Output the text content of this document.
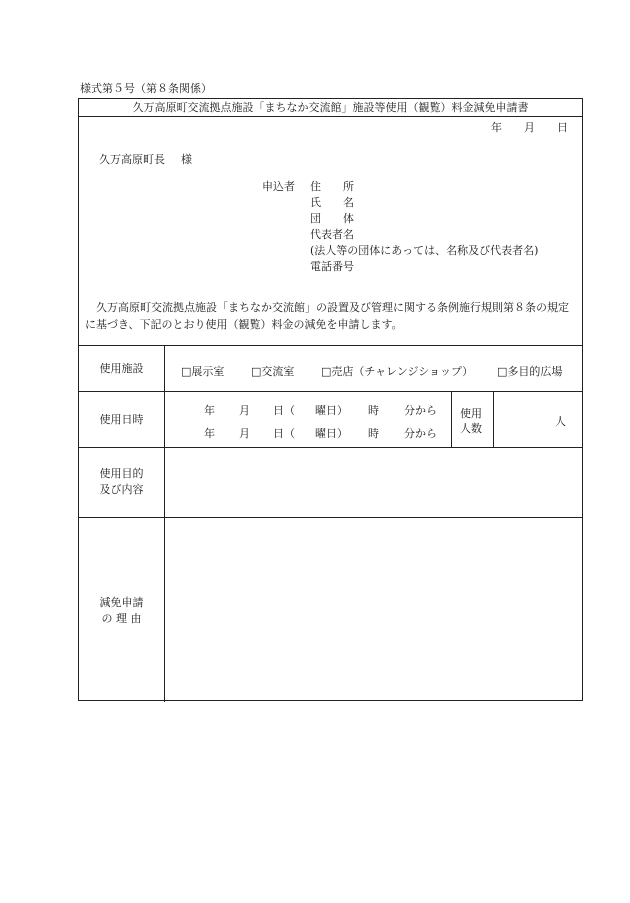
様式第５号（第８条関係）
久万高原町交流拠点施設「まちなか交流館」施設等使用（観覧）料金減免申請書
年 月 日
久万高原町長 様
申込者 住　　所
氏　　名
団　　体
代表者名
(法人等の団体にあっては、名称及び代表者名)
電話番号
久万高原町交流拠点施設「まちなか交流館」の設置及び管理に関する条例施行規則第８条の規定に基づき、下記のとおり使用（観覧）料金の減免を申請します。
使用施設	□展示室 □交流室 □売店（チャレンジショップ） □多目的広場
使用日時
年 月 日（ 曜日） 時 分から
年 月 日（ 曜日） 時 分から
使用
人数
人
使用目的
及び内容
減免申請
の 理 由
